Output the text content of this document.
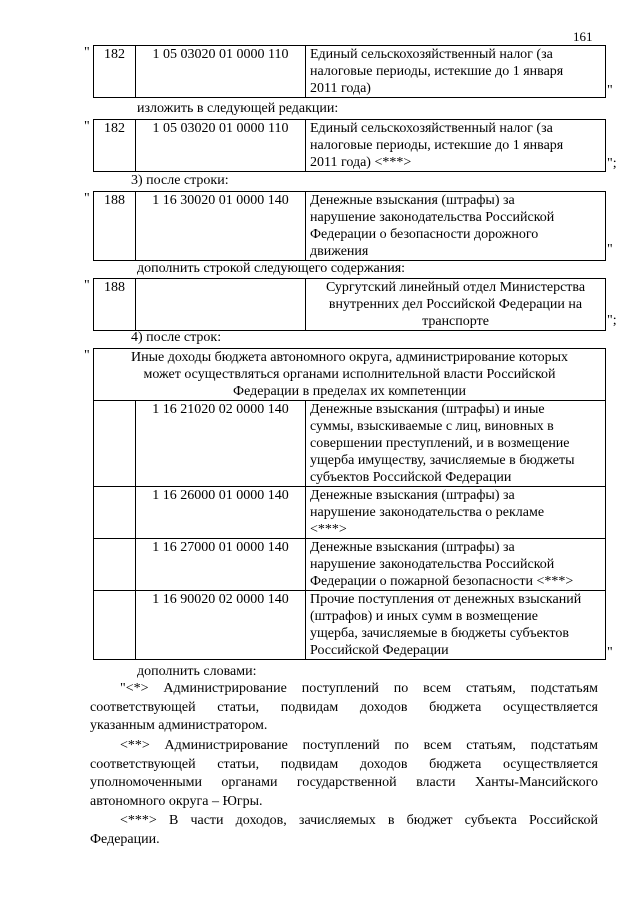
161
" 182	1 05 03020 01 0000 110	Единый сельскохозяйственный налог (за
налоговые периоды, истекшие до 1 января
2011 года)	"
изложить в следующей редакции:
" 182	1 05 03020 01 0000 110	Единый сельскохозяйственный налог (за
налоговые периоды, истекшие до 1 января
2011 года) <***>	";
3) после строки:
" 188	1 16 30020 01 0000 140	Денежные взыскания (штрафы) за
нарушение законодательства Российской
Федерации о безопасности дорожного
движения	"
дополнить строкой следующего содержания:
" 188		Сургутский линейный отдел Министерства
внутренних дел Российской Федерации на
транспорте	";
4) после строк:
"	Иные доходы бюджета автономного округа, администрирование которых
может осуществляться органами исполнительной власти Российской
Федерации в пределах их компетенции		

	1 16 21020 02 0000 140	Денежные взыскания (штрафы) и иные
суммы, взыскиваемые с лиц, виновных в
совершении преступлений, и в возмещение
ущерба имуществу, зачисляемые в бюджеты
субъектов Российской Федерации

	1 16 26000 01 0000 140	Денежные взыскания (штрафы) за
нарушение законодательства о рекламе
<***>

	1 16 27000 01 0000 140	Денежные взыскания (штрафы) за
нарушение законодательства Российской
Федерации о пожарной безопасности <***>

	1 16 90020 02 0000 140	Прочие поступления от денежных взысканий
(штрафов) и иных сумм в возмещение
ущерба, зачисляемые в бюджеты субъектов
Российской Федерации	"
дополнить словами:
"<*> Администрирование поступлений по всем статьям, подстатьям
соответствующей статьи, подвидам доходов бюджета осуществляется
указанным администратором.
<**> Администрирование поступлений по всем статьям, подстатьям
соответствующей статьи, подвидам доходов бюджета осуществляется
уполномоченными органами государственной власти Ханты-Мансийского
автономного округа – Югры.
<***> В части доходов, зачисляемых в бюджет субъекта Российской
Федерации.
